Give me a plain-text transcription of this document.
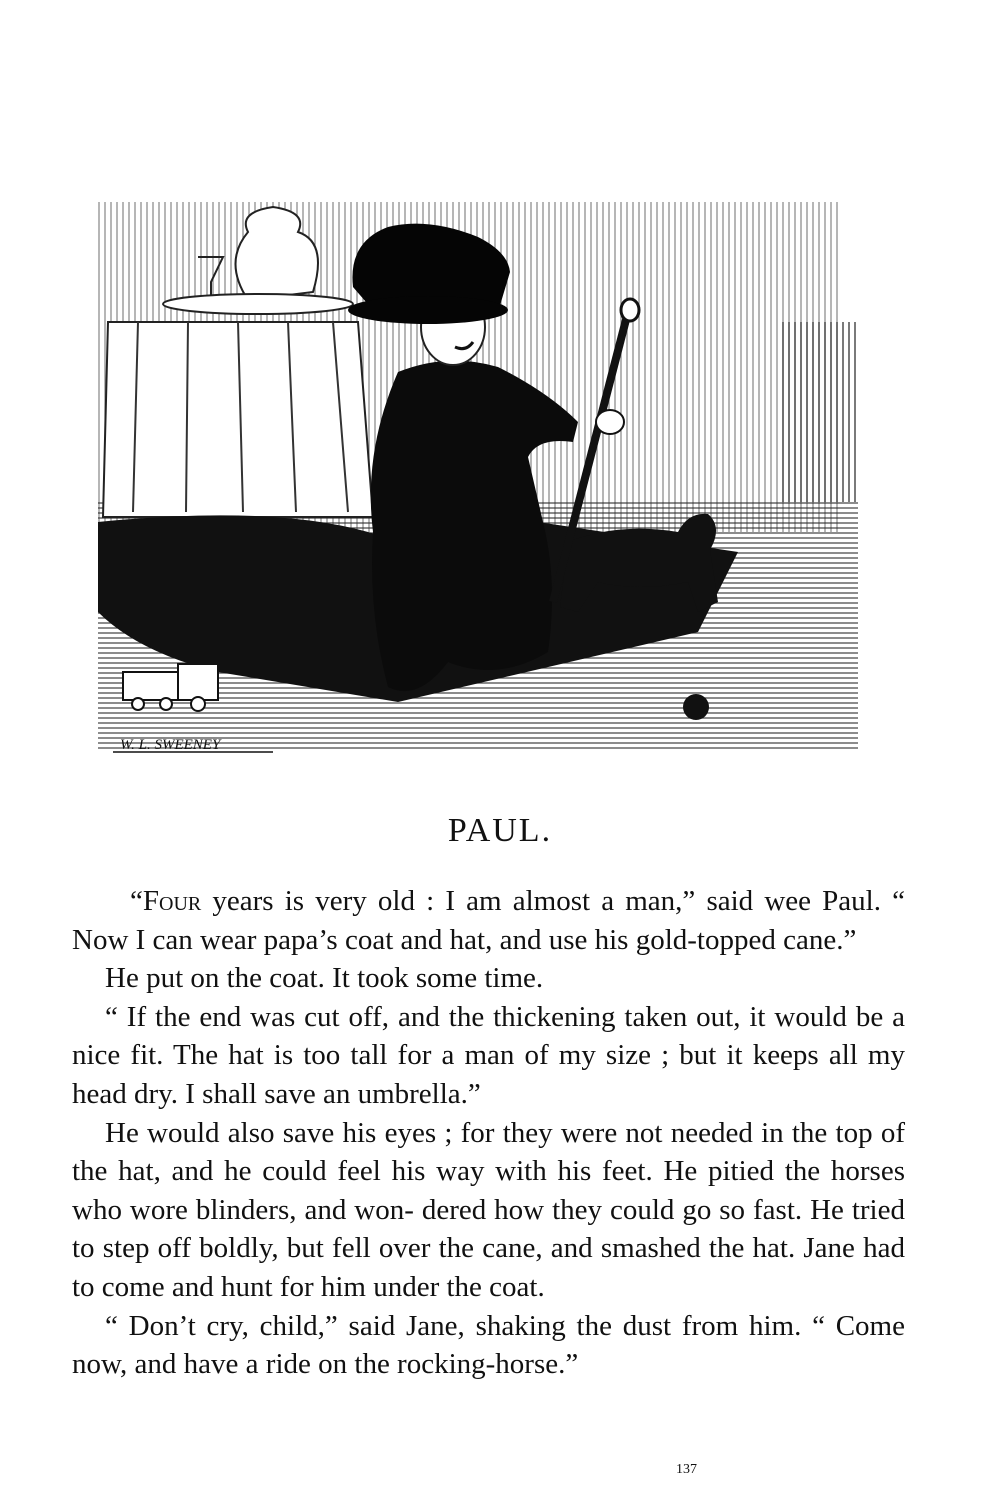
W. L. SWEENEY
PAUL.

“Four years is very old : I am almost a man,” said wee Paul. “ Now I can wear papa’s coat and hat, and use his gold-topped cane.”

He put on the coat. It took some time.

“ If the end was cut off, and the thickening taken out, it would be a nice fit. The hat is too tall for a man of my size ; but it keeps all my head dry. I shall save an umbrella.”

He would also save his eyes ; for they were not needed in the top of the hat, and he could feel his way with his feet. He pitied the horses who wore blinders, and won- dered how they could go so fast. He tried to step off boldly, but fell over the cane, and smashed the hat. Jane had to come and hunt for him under the coat.

“ Don’t cry, child,” said Jane, shaking the dust from him. “ Come now, and have a ride on the rocking-horse.”

137
